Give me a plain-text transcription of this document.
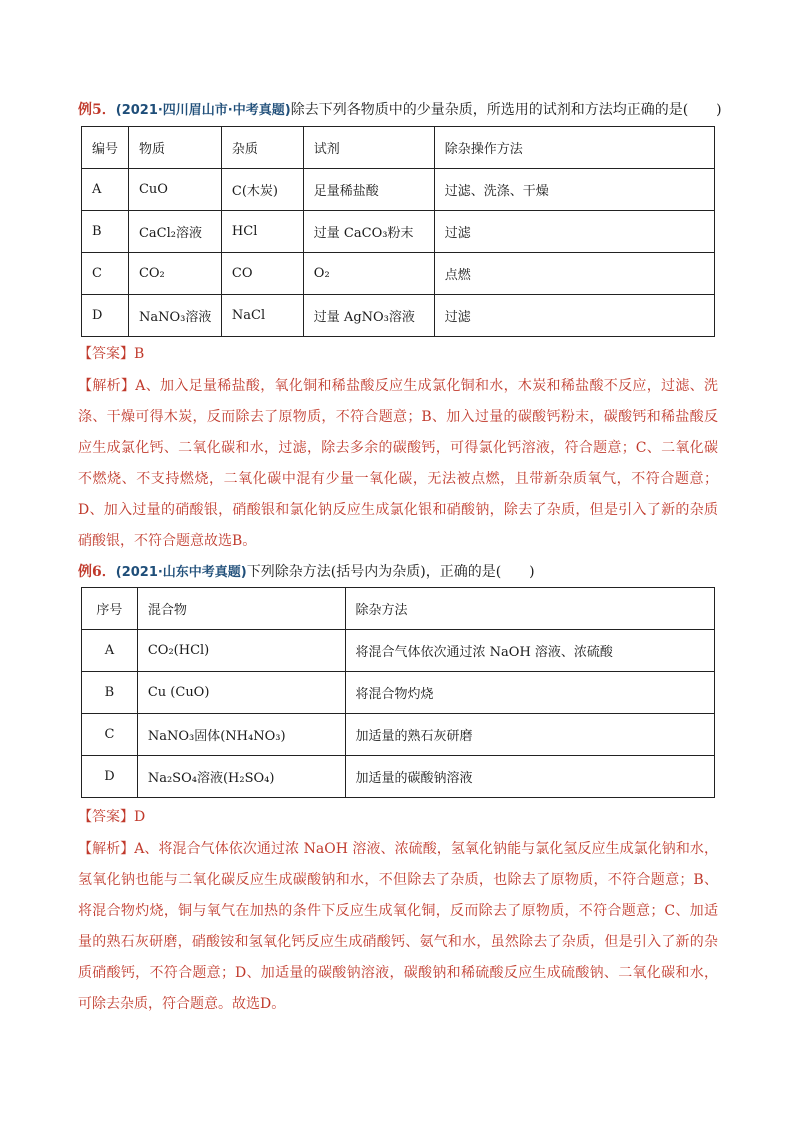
例5．(2021·四川眉山市·中考真题)除去下列各物质中的少量杂质，所选用的试剂和方法均正确的是(　　)
编号	物质	杂质	试剂	除杂操作方法
A	CuO	C(木炭)	足量稀盐酸	过滤、洗涤、干燥
B	CaCl₂溶液	HCl	过量 CaCO₃粉末	过滤
C	CO₂	CO	O₂	点燃
D	NaNO₃溶液	NaCl	过量 AgNO₃溶液	过滤
【答案】B
【解析】A、加入足量稀盐酸，氧化铜和稀盐酸反应生成氯化铜和水，木炭和稀盐酸不反应，过滤、洗涤、干燥可得木炭，反而除去了原物质，不符合题意；B、加入过量的碳酸钙粉末，碳酸钙和稀盐酸反应生成氯化钙、二氧化碳和水，过滤，除去多余的碳酸钙，可得氯化钙溶液，符合题意；C、二氧化碳不燃烧、不支持燃烧，二氧化碳中混有少量一氧化碳，无法被点燃，且带新杂质氧气，不符合题意；D、加入过量的硝酸银，硝酸银和氯化钠反应生成氯化银和硝酸钠，除去了杂质，但是引入了新的杂质硝酸银，不符合题意故选B。
例6．(2021·山东中考真题)下列除杂方法(括号内为杂质)，正确的是(　　)
序号	混合物	除杂方法
A	CO₂(HCl)	将混合气体依次通过浓 NaOH 溶液、浓硫酸
B	Cu (CuO)	将混合物灼烧
C	NaNO₃固体(NH₄NO₃)	加适量的熟石灰研磨
D	Na₂SO₄溶液(H₂SO₄)	加适量的碳酸钠溶液
【答案】D
【解析】A、将混合气体依次通过浓 NaOH 溶液、浓硫酸，氢氧化钠能与氯化氢反应生成氯化钠和水，氢氧化钠也能与二氧化碳反应生成碳酸钠和水，不但除去了杂质，也除去了原物质，不符合题意；B、将混合物灼烧，铜与氧气在加热的条件下反应生成氧化铜，反而除去了原物质，不符合题意；C、加适量的熟石灰研磨，硝酸铵和氢氧化钙反应生成硝酸钙、氨气和水，虽然除去了杂质，但是引入了新的杂质硝酸钙，不符合题意；D、加适量的碳酸钠溶液，碳酸钠和稀硫酸反应生成硫酸钠、二氧化碳和水，可除去杂质，符合题意。故选D。
